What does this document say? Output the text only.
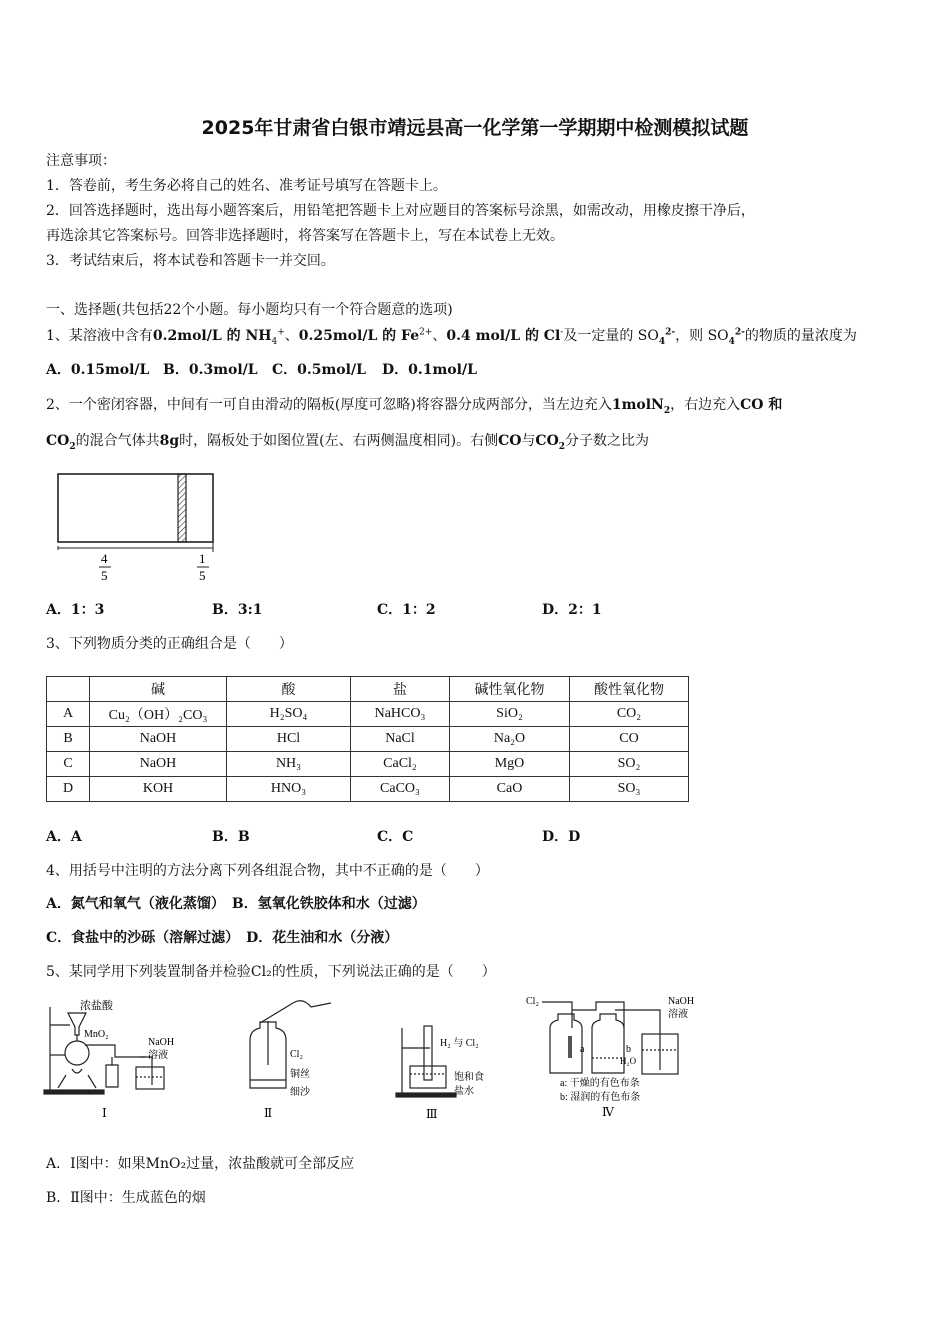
2025年甘肃省白银市靖远县高一化学第一学期期中检测模拟试题
注意事项：
1．答卷前，考生务必将自己的姓名、准考证号填写在答题卡上。
2．回答选择题时，选出每小题答案后，用铅笔把答题卡上对应题目的答案标号涂黑，如需改动，用橡皮擦干净后，
再选涂其它答案标号。回答非选择题时，将答案写在答题卡上，写在本试卷上无效。
3．考试结束后，将本试卷和答题卡一并交回。
一、选择题(共包括22个小题。每小题均只有一个符合题意的选项)
1、某溶液中含有0.2mol/L 的 $NH_4^+$、0.25mol/L 的 $Fe^{2+}$、0.4 mol/L 的 Cl-及一定量的 $SO_4^{2-}$，则 $SO_4^{2-}$的物质的量浓度为
A．0.15mol/L B．0.3mol/L C．0.5mol/L D．0.1mol/L
2、一个密闭容器，中间有一可自由滑动的隔板(厚度可忽略)将容器分成两部分，当左边充入1molN$_2$，右边充入CO 和
$CO_2$的混合气体共8g时，隔板处于如图位置(左、右两侧温度相同)。右侧CO与$CO_2$分子数之比为
4
5
1
5
A．1：3	B．3:1	C．1：2	D．2：1
3、下列物质分类的正确组合是（　　）
	碱	酸	盐	碱性氧化物	酸性氧化物
A	Cu₂（OH）₂CO₃	H₂SO₄	NaHCO₃	SiO₂	CO₂
B	NaOH	HCl	NaCl	Na₂O	CO
C	NaOH	NH₃	CaCl₂	MgO	SO₂
D	KOH	HNO₃	CaCO₃	CaO	SO₃
A．A	B．B	C．C	D．D
4、用括号中注明的方法分离下列各组混合物，其中不正确的是（　　）
A．氮气和氧气（液化蒸馏）　B．氢氧化铁胶体和水（过滤）
C．食盐中的沙砾（溶解过滤）　D．花生油和水（分液）
5、某同学用下列装置制备并检验Cl₂的性质，下列说法正确的是（　　）
浓盐酸
MnO₂
NaOH
溶液
Ⅰ
Cl₂
铜丝
细沙
Ⅱ
H₂ 与 Cl₂
饱和食
盐水
Ⅲ
Cl₂	NaOH
溶液
a	b
H₂O
a: 干燥的有色布条
b: 湿润的有色布条
Ⅳ
A．Ⅰ图中：如果MnO₂过量，浓盐酸就可全部反应
B．Ⅱ图中：生成蓝色的烟
